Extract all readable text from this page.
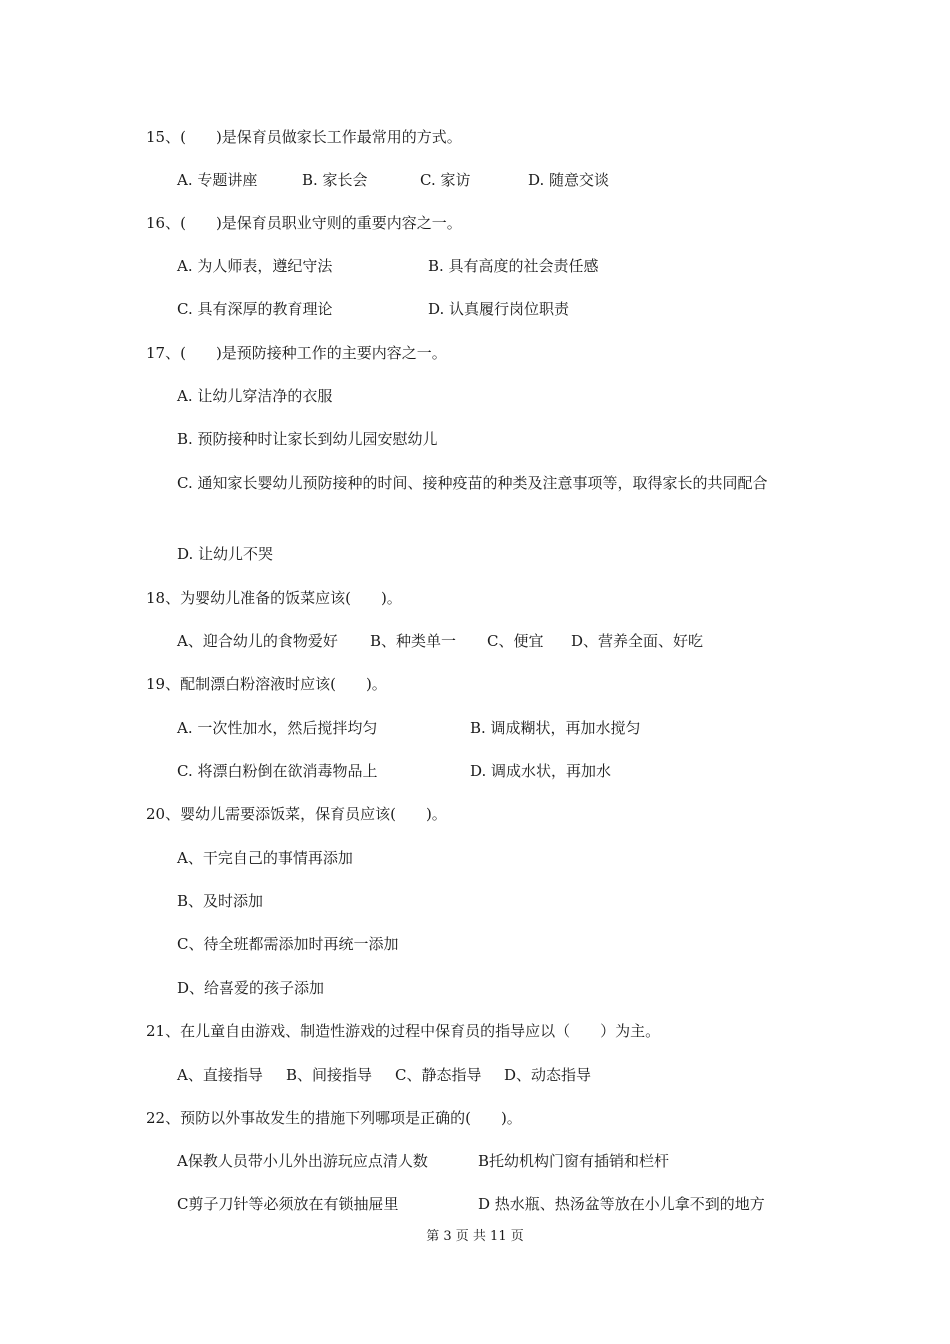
15、(　　)是保育员做家长工作最常用的方式。
A. 专题讲座	B. 家长会	C. 家访	D. 随意交谈
16、(　　)是保育员职业守则的重要内容之一。
A. 为人师表，遵纪守法	B. 具有高度的社会责任感
C. 具有深厚的教育理论	D. 认真履行岗位职责
17、(　　)是预防接种工作的主要内容之一。
A. 让幼儿穿洁净的衣服
B. 预防接种时让家长到幼儿园安慰幼儿
C. 通知家长婴幼儿预防接种的时间、接种疫苗的种类及注意事项等，取得家长的共同配合
D. 让幼儿不哭
18、为婴幼儿准备的饭菜应该(　　)。
A、迎合幼儿的食物爱好 B、种类单一 C、便宜 D、营养全面、好吃
19、配制漂白粉溶液时应该(　　)。
A. 一次性加水，然后搅拌均匀	B. 调成糊状，再加水搅匀
C. 将漂白粉倒在欲消毒物品上	D. 调成水状，再加水
20、婴幼儿需要添饭菜，保育员应该(　　)。
A、干完自己的事情再添加
B、及时添加
C、待全班都需添加时再统一添加
D、给喜爱的孩子添加
21、在儿童自由游戏、制造性游戏的过程中保育员的指导应以（　　）为主。
A、直接指导 B、间接指导 C、静态指导 D、动态指导
22、预防以外事故发生的措施下列哪项是正确的(　　)。
A保教人员带小儿外出游玩应点清人数	B托幼机构门窗有插销和栏杆
C剪子刀针等必须放在有锁抽屉里	D 热水瓶、热汤盆等放在小儿拿不到的地方
第 3 页 共 11 页
